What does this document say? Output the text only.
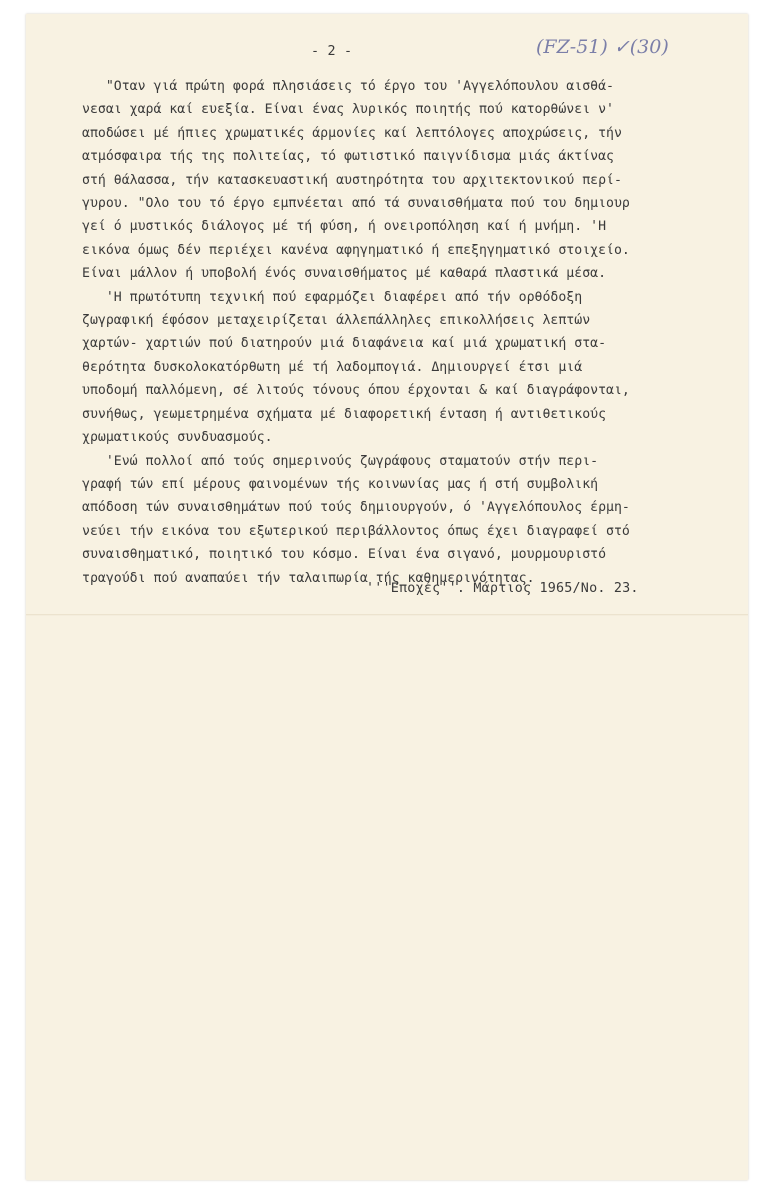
- 2 -	(FZ-51) ✓(30)
"Οταν γιά πρώτη φορά πλησιάσεις τό έργο του 'Αγγελόπουλου αισθά-
νεσαι χαρά καί ευεξία. Είναι ένας λυρικός ποιητής πού κατορθώνει ν'
αποδώσει μέ ήπιες χρωματικές άρμονίες καί λεπτόλογες αποχρώσεις, τήν
ατμόσφαιρα τής της πολιτείας, τό φωτιστικό παιγνίδισμα μιάς άκτίνας
στή θάλασσα, τήν κατασκευαστική αυστηρότητα του αρχιτεκτονικού περί-
γυρου. "Ολο του τό έργο εμπνέεται από τά συναισθήματα πού του δημιουρ
γεί ό μυστικός διάλογος μέ τή φύση, ή ονειροπόληση καί ή μνήμη. 'Η
εικόνα όμως δέν περιέχει κανένα αφηγηματικό ή επεξηγηματικό στοιχείο.
Είναι μάλλον ή υποβολή ένός συναισθήματος μέ καθαρά πλαστικά μέσα.
'Η πρωτότυπη τεχνική πού εφαρμόζει διαφέρει από τήν ορθόδοξη
ζωγραφική έφόσον μεταχειρίζεται άλλεπάλληλες επικολλήσεις λεπτών
χαρτών- χαρτιών πού διατηρούν μιά διαφάνεια καί μιά χρωματική στα-
θερότητα δυσκολοκατόρθωτη μέ τή λαδομπογιά. Δημιουργεί έτσι μιά
υποδομή παλλόμενη, σέ λιτούς τόνους όπου έρχονται & καί διαγράφονται,
συνήθως, γεωμετρημένα σχήματα μέ διαφορετική ένταση ή αντιθετικούς
χρωματικούς συνδυασμούς.
'Ενώ πολλοί από τούς σημερινούς ζωγράφους σταματούν στήν περι-
γραφή τών επί μέρους φαινομένων τής κοινωνίας μας ή στή συμβολική
απόδοση τών συναισθημάτων πού τούς δημιουργούν, ό 'Αγγελόπουλος έρμη-
νεύει τήν εικόνα του εξωτερικού περιβάλλοντος όπως έχει διαγραφεί στό
συναισθηματικό, ποιητικό του κόσμο. Είναι ένα σιγανό, μουρμουριστό
τραγούδι πού αναπαύει τήν ταλαιπωρία τής καθημερινότητας.
'''Εποχές''. Μάρτιος 1965/Νο. 23.
